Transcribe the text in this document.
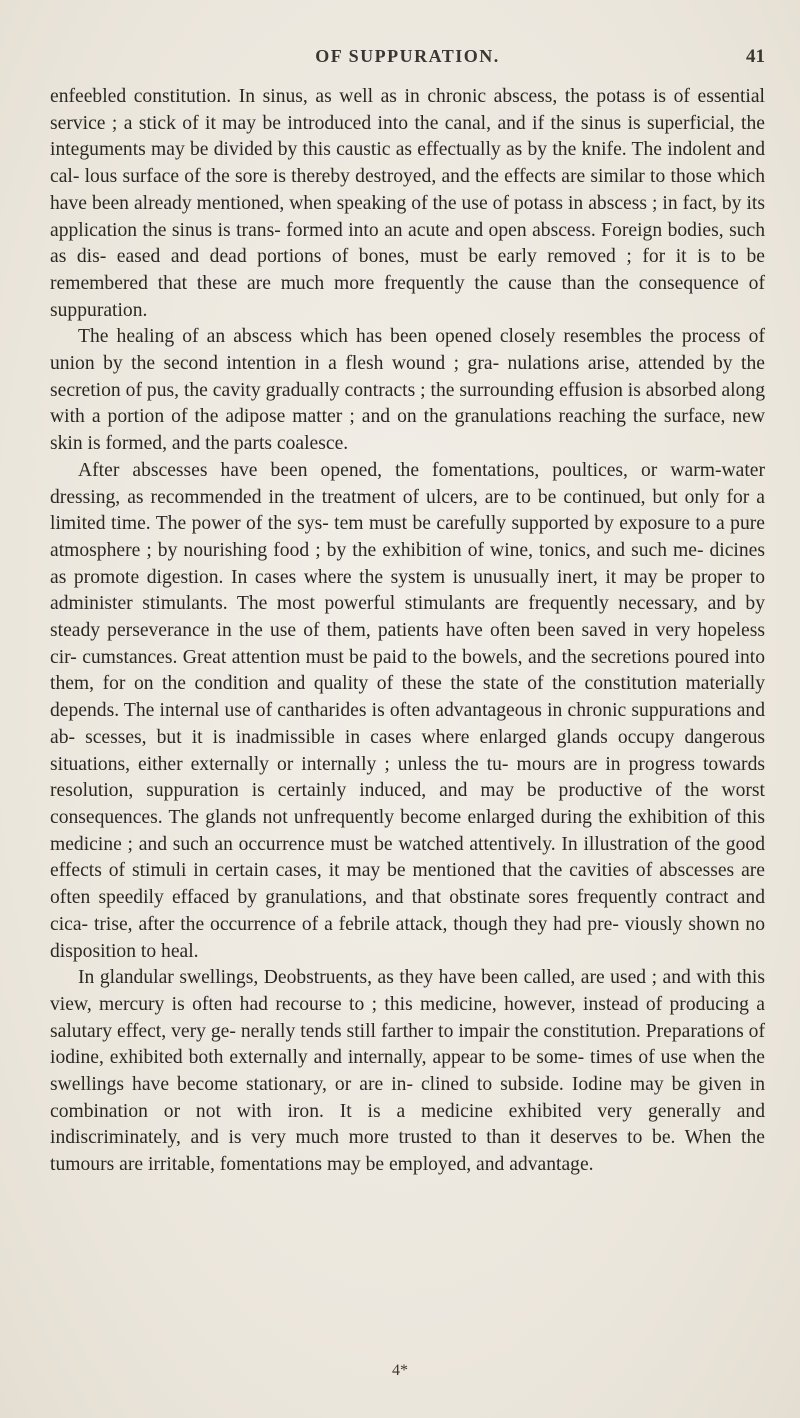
OF SUPPURATION.	41

enfeebled constitution. In sinus, as well as in chronic abscess, the potass is of essential service ; a stick of it may be introduced into the canal, and if the sinus is superficial, the integuments may be divided by this caustic as effectually as by the knife. The indolent and cal- lous surface of the sore is thereby destroyed, and the effects are similar to those which have been already mentioned, when speaking of the use of potass in abscess ; in fact, by its application the sinus is trans- formed into an acute and open abscess. Foreign bodies, such as dis- eased and dead portions of bones, must be early removed ; for it is to be remembered that these are much more frequently the cause than the consequence of suppuration.

The healing of an abscess which has been opened closely resembles the process of union by the second intention in a flesh wound ; gra- nulations arise, attended by the secretion of pus, the cavity gradually contracts ; the surrounding effusion is absorbed along with a portion of the adipose matter ; and on the granulations reaching the surface, new skin is formed, and the parts coalesce.

After abscesses have been opened, the fomentations, poultices, or warm-water dressing, as recommended in the treatment of ulcers, are to be continued, but only for a limited time. The power of the sys- tem must be carefully supported by exposure to a pure atmosphere ; by nourishing food ; by the exhibition of wine, tonics, and such me- dicines as promote digestion. In cases where the system is unusually inert, it may be proper to administer stimulants. The most powerful stimulants are frequently necessary, and by steady perseverance in the use of them, patients have often been saved in very hopeless cir- cumstances. Great attention must be paid to the bowels, and the secretions poured into them, for on the condition and quality of these the state of the constitution materially depends. The internal use of cantharides is often advantageous in chronic suppurations and ab- scesses, but it is inadmissible in cases where enlarged glands occupy dangerous situations, either externally or internally ; unless the tu- mours are in progress towards resolution, suppuration is certainly induced, and may be productive of the worst consequences. The glands not unfrequently become enlarged during the exhibition of this medicine ; and such an occurrence must be watched attentively. In illustration of the good effects of stimuli in certain cases, it may be mentioned that the cavities of abscesses are often speedily effaced by granulations, and that obstinate sores frequently contract and cica- trise, after the occurrence of a febrile attack, though they had pre- viously shown no disposition to heal.

In glandular swellings, Deobstruents, as they have been called, are used ; and with this view, mercury is often had recourse to ; this medicine, however, instead of producing a salutary effect, very ge- nerally tends still farther to impair the constitution. Preparations of iodine, exhibited both externally and internally, appear to be some- times of use when the swellings have become stationary, or are in- clined to subside. Iodine may be given in combination or not with iron. It is a medicine exhibited very generally and indiscriminately, and is very much more trusted to than it deserves to be. When the tumours are irritable, fomentations may be employed, and advantage.

4*
